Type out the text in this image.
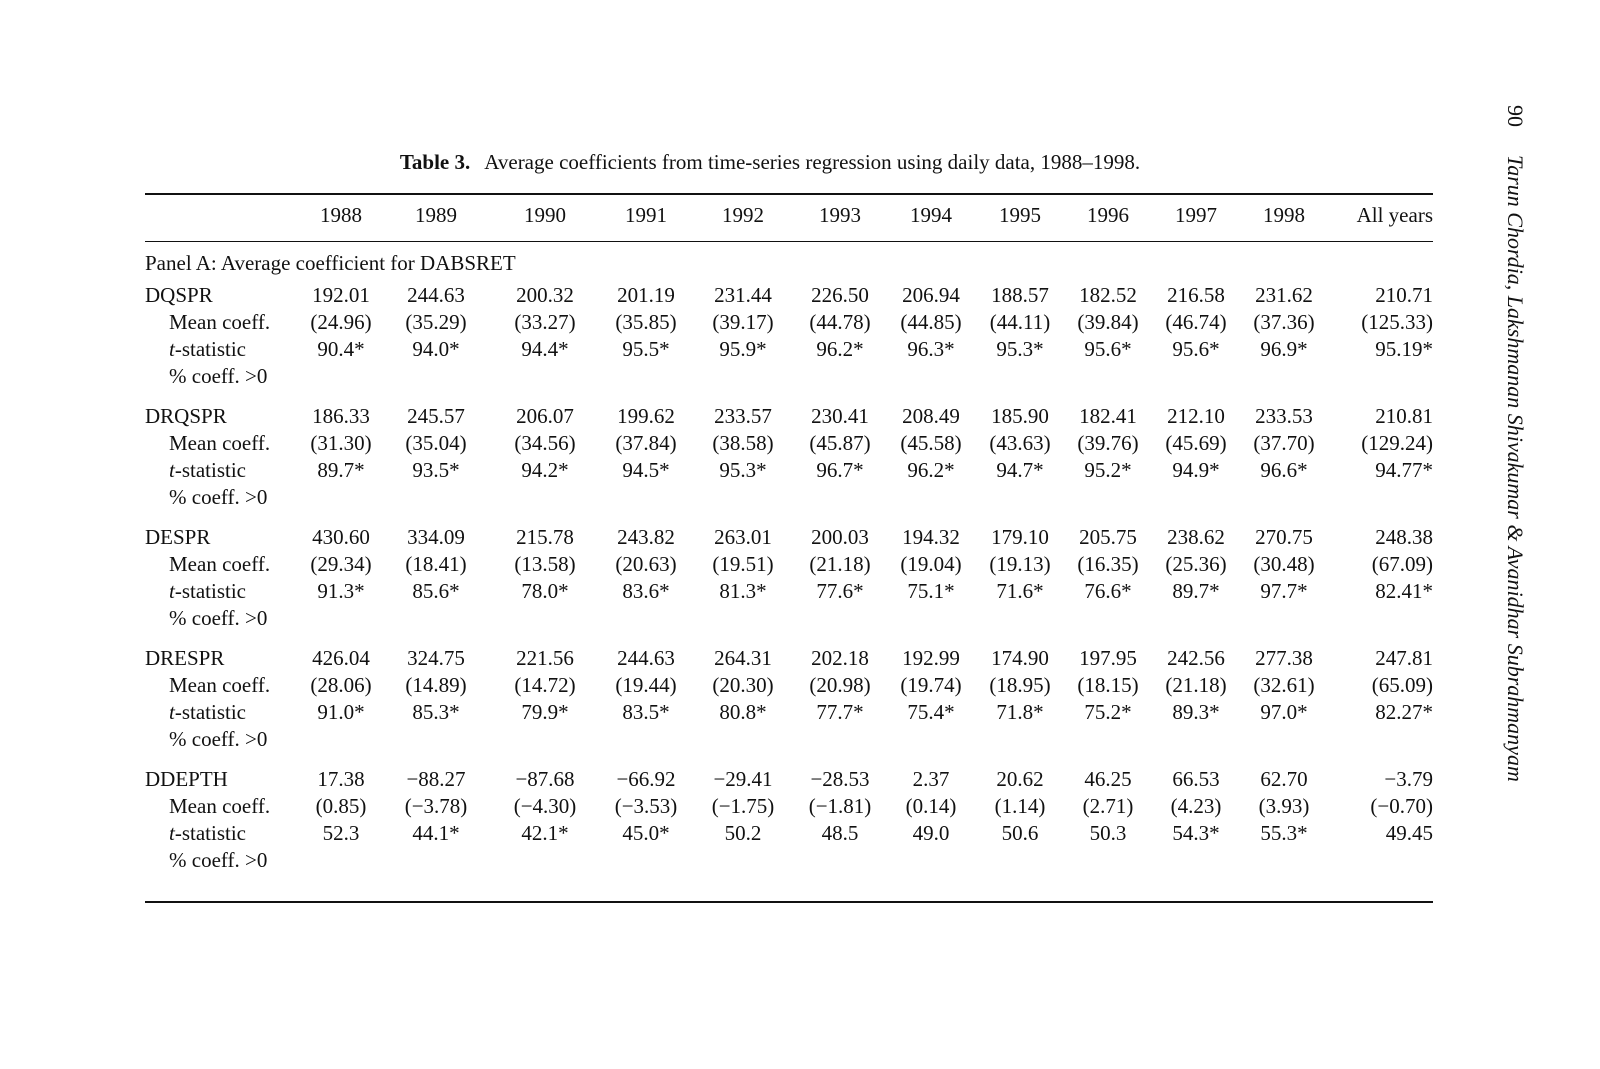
Table 3. Average coefficients from time-series regression using daily data, 1988–1998.
1988	1989	1990	1991	1992	1993	1994	1995	1996	1997	1998	All years
Panel A: Average coefficient for DABSRET
DQSPR	192.01	244.63	200.32	201.19	231.44	226.50	206.94	188.57	182.52	216.58	231.62	210.71
Mean coeff.	(24.96)	(35.29)	(33.27)	(35.85)	(39.17)	(44.78)	(44.85)	(44.11)	(39.84)	(46.74)	(37.36)	(125.33)
t-statistic	90.4*	94.0*	94.4*	95.5*	95.9*	96.2*	96.3*	95.3*	95.6*	95.6*	96.9*	95.19*
% coeff. >0
DRQSPR	186.33	245.57	206.07	199.62	233.57	230.41	208.49	185.90	182.41	212.10	233.53	210.81
Mean coeff.	(31.30)	(35.04)	(34.56)	(37.84)	(38.58)	(45.87)	(45.58)	(43.63)	(39.76)	(45.69)	(37.70)	(129.24)
t-statistic	89.7*	93.5*	94.2*	94.5*	95.3*	96.7*	96.2*	94.7*	95.2*	94.9*	96.6*	94.77*
% coeff. >0
DESPR	430.60	334.09	215.78	243.82	263.01	200.03	194.32	179.10	205.75	238.62	270.75	248.38
Mean coeff.	(29.34)	(18.41)	(13.58)	(20.63)	(19.51)	(21.18)	(19.04)	(19.13)	(16.35)	(25.36)	(30.48)	(67.09)
t-statistic	91.3*	85.6*	78.0*	83.6*	81.3*	77.6*	75.1*	71.6*	76.6*	89.7*	97.7*	82.41*
% coeff. >0
DRESPR	426.04	324.75	221.56	244.63	264.31	202.18	192.99	174.90	197.95	242.56	277.38	247.81
Mean coeff.	(28.06)	(14.89)	(14.72)	(19.44)	(20.30)	(20.98)	(19.74)	(18.95)	(18.15)	(21.18)	(32.61)	(65.09)
t-statistic	91.0*	85.3*	79.9*	83.5*	80.8*	77.7*	75.4*	71.8*	75.2*	89.3*	97.0*	82.27*
% coeff. >0
DDEPTH	17.38	−88.27	−87.68	−66.92	−29.41	−28.53	2.37	20.62	46.25	66.53	62.70	−3.79
Mean coeff.	(0.85)	(−3.78)	(−4.30)	(−3.53)	(−1.75)	(−1.81)	(0.14)	(1.14)	(2.71)	(4.23)	(3.93)	(−0.70)
t-statistic	52.3	44.1*	42.1*	45.0*	50.2	48.5	49.0	50.6	50.3	54.3*	55.3*	49.45
% coeff. >0
90Tarun Chordia, Lakshmanan Shivakumar & Avanidhar Subrahmanyam
